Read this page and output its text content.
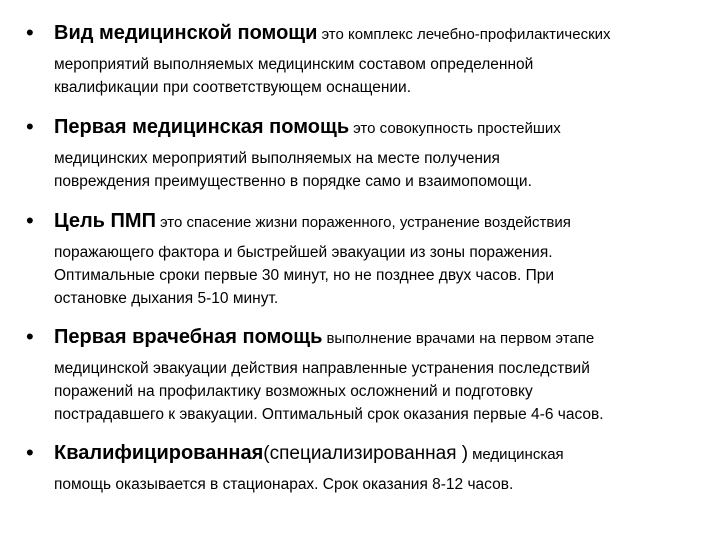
• Вид медицинской помощи это комплекс лечебно-профилактических
мероприятий выполняемых медицинским составом определенной
квалификации при соответствующем оснащении.
• Первая медицинская помощь это совокупность простейших
медицинских мероприятий выполняемых на месте получения
повреждения преимущественно в порядке само и взаимопомощи.
• Цель ПМП это спасение жизни пораженного, устранение воздействия
поражающего фактора и быстрейшей эвакуации из зоны поражения.
Оптимальные сроки первые 30 минут, но не позднее двух часов. При
остановке дыхания 5-10 минут.
• Первая врачебная помощь выполнение врачами на первом этапе
медицинской эвакуации действия направленные устранения последствий
поражений на профилактику возможных осложнений и подготовку
пострадавшего к эвакуации. Оптимальный срок оказания первые 4-6 часов.
• Квалифицированная(специализированная ) медицинская
помощь оказывается в стационарах. Срок оказания 8-12 часов.
